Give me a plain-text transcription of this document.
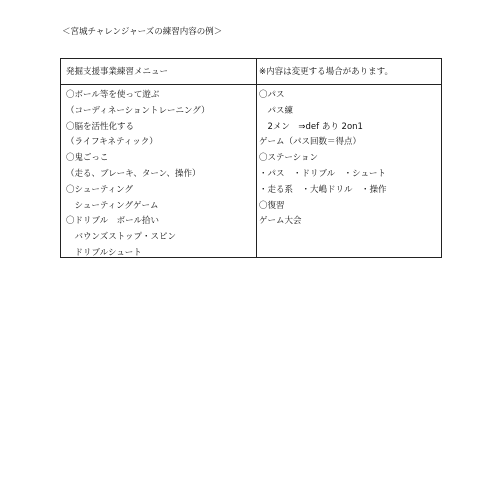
＜宮城チャレンジャーズの練習内容の例＞
発掘支援事業練習メニュー	※内容は変更する場合があります。
〇ボール等を使って遊ぶ
（コーディネーショントレーニング）
〇脳を活性化する
（ライフキネティック）
〇鬼ごっこ
（走る、ブレーキ、ターン、操作）
〇シューティング
　シューティングゲーム
〇ドリブル　ボール拾い
　バウンズストップ・スピン
　ドリブルシュート
〇パス
　パス練
　2メン　⇒def あり 2on1
ゲーム（パス回数＝得点）
〇ステーション
・パス　・ドリブル　・シュート
・走る系　・大嶋ドリル　・操作
〇復習
ゲーム大会
